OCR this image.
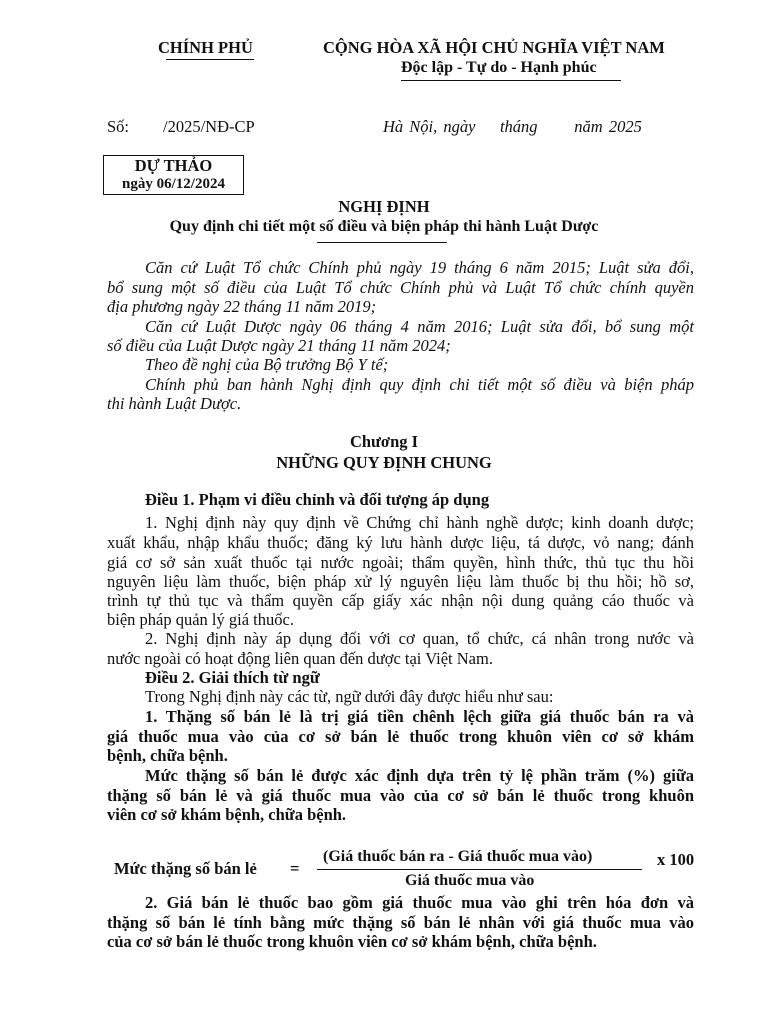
CHÍNH PHỦ	CỘNG HÒA XÃ HỘI CHỦ NGHĨA VIỆT NAM
Độc lập - Tự do - Hạnh phúc
Số: /2025/NĐ-CP	Hà Nội, ngày    tháng      năm 2025
DỰ THẢO
ngày 06/12/2024
NGHỊ ĐỊNH
Quy định chi tiết một số điều và biện pháp thi hành Luật Dược
Căn cứ Luật Tổ chức Chính phủ ngày 19 tháng 6 năm 2015; Luật sửa đổi,
bổ sung một số điều của Luật Tổ chức Chính phủ và Luật Tổ chức chính quyền
địa phương ngày 22 tháng 11 năm 2019;
Căn cứ Luật Dược ngày 06 tháng 4 năm 2016; Luật sửa đổi, bổ sung một
số điều của Luật Dược ngày 21 tháng 11 năm 2024;
Theo đề nghị của Bộ trưởng Bộ Y tế;
Chính phủ ban hành Nghị định quy định chi tiết một số điều và biện pháp
thi hành Luật Dược.
Chương I
NHỮNG QUY ĐỊNH CHUNG
Điều 1. Phạm vi điều chỉnh và đối tượng áp dụng
1. Nghị định này quy định về Chứng chỉ hành nghề dược; kinh doanh dược;
xuất khẩu, nhập khẩu thuốc; đăng ký lưu hành dược liệu, tá dược, vỏ nang; đánh
giá cơ sở sản xuất thuốc tại nước ngoài; thẩm quyền, hình thức, thủ tục thu hồi
nguyên liệu làm thuốc, biện pháp xử lý nguyên liệu làm thuốc bị thu hồi; hồ sơ,
trình tự thủ tục và thẩm quyền cấp giấy xác nhận nội dung quảng cáo thuốc và
biện pháp quản lý giá thuốc.
2. Nghị định này áp dụng đối với cơ quan, tổ chức, cá nhân trong nước và
nước ngoài có hoạt động liên quan đến dược tại Việt Nam.
Điều 2. Giải thích từ ngữ
Trong Nghị định này các từ, ngữ dưới đây được hiểu như sau:
1. Thặng số bán lẻ là trị giá tiền chênh lệch giữa giá thuốc bán ra và
giá thuốc mua vào của cơ sở bán lẻ thuốc trong khuôn viên cơ sở khám
bệnh, chữa bệnh.
Mức thặng số bán lẻ được xác định dựa trên tỷ lệ phần trăm (%) giữa
thặng số bán lẻ và giá thuốc mua vào của cơ sở bán lẻ thuốc trong khuôn
viên cơ sở khám bệnh, chữa bệnh.
Mức thặng số bán lẻ =
(Giá thuốc bán ra - Giá thuốc mua vào)
Giá thuốc mua vào
x 100
2. Giá bán lẻ thuốc bao gồm giá thuốc mua vào ghi trên hóa đơn và
thặng số bán lẻ tính bằng mức thặng số bán lẻ nhân với giá thuốc mua vào
của cơ sở bán lẻ thuốc trong khuôn viên cơ sở khám bệnh, chữa bệnh.
